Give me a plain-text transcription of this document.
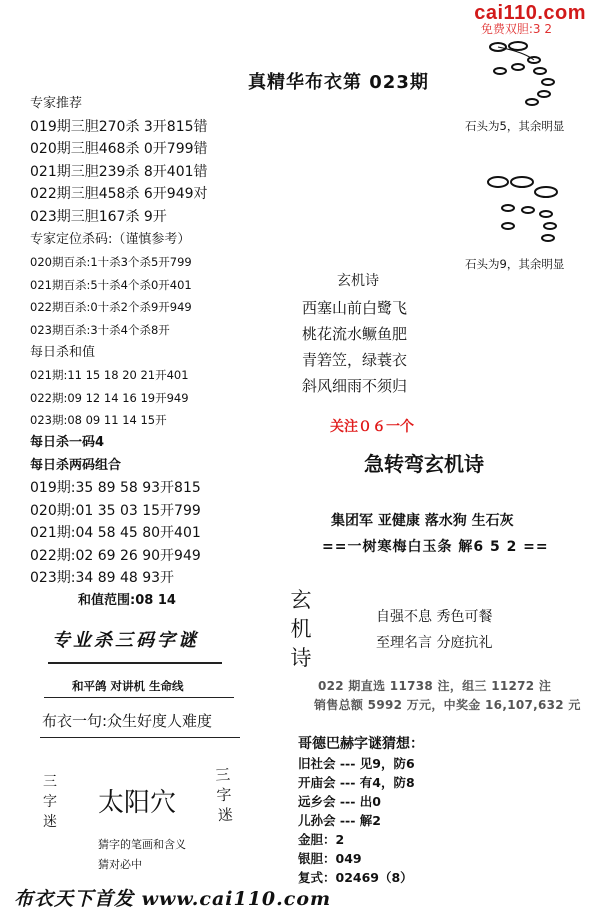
cai110.com
免费双胆:3 2
真精华布衣第 023期
专家推荐
019期三胆270杀 3开815错
020期三胆468杀 0开799错
021期三胆239杀 8开401错
022期三胆458杀 6开949对
023期三胆167杀 9开
专家定位杀码:（谨慎参考）
020期百杀:1十杀3个杀5开799
021期百杀:5十杀4个杀0开401
022期百杀:0十杀2个杀9开949
023期百杀:3十杀4个杀8开
每日杀和值
021期:11 15 18 20 21开401
022期:09 12 14 16 19开949
023期:08 09 11 14 15开
每日杀一码4
每日杀两码组合
019期:35 89 58 93开815
020期:01 35 03 15开799
021期:04 58 45 80开401
022期:02 69 26 90开949
023期:34 89 48 93开
和值范围:08 14
专业杀三码字谜
和平鸽 对讲机 生命线
布衣一句:众生好度人难度
三字迷
太阳穴
三字迷
猜字的笔画和含义
猜对必中
布衣天下首发 www.cai110.com
石头为5，其余明显
石头为9，其余明显
玄机诗
西塞山前白鹭飞
桃花流水鳜鱼肥
青箬笠，绿蓑衣
斜风细雨不须归
关注０６一个
急转弯玄机诗
集团军 亚健康 落水狗 生石灰
==一树寒梅白玉条 解6 5 2 ==
玄机诗
自强不息 秀色可餐
至理名言 分庭抗礼
022 期直选 11738 注，组三 11272 注
销售总额 5992 万元，中奖金 16,107,632 元
哥德巴赫字谜猜想：
旧社会 --- 见9，防6
开庙会 --- 有4，防8
远乡会 --- 出0
儿孙会 --- 解2
金胆：2
银胆：049
复式：02469（8）
